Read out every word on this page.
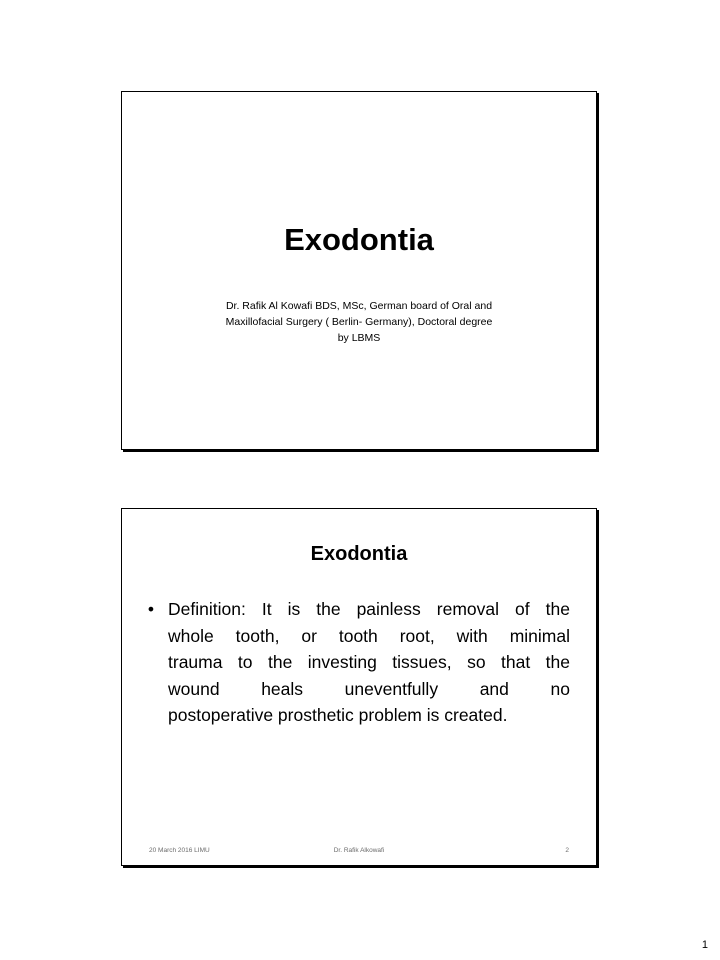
Exodontia
Dr. Rafik Al Kowafi BDS, MSc, German board of Oral and
Maxillofacial Surgery ( Berlin- Germany), Doctoral degree
by LBMS
Exodontia
• Definition: It is the painless removal of the
whole tooth, or tooth root, with minimal
trauma to the investing tissues, so that the
wound heals uneventfully and no
postoperative prosthetic problem is created.
20 March 2016 LIMU	Dr. Rafik Alkowafi	2
1
